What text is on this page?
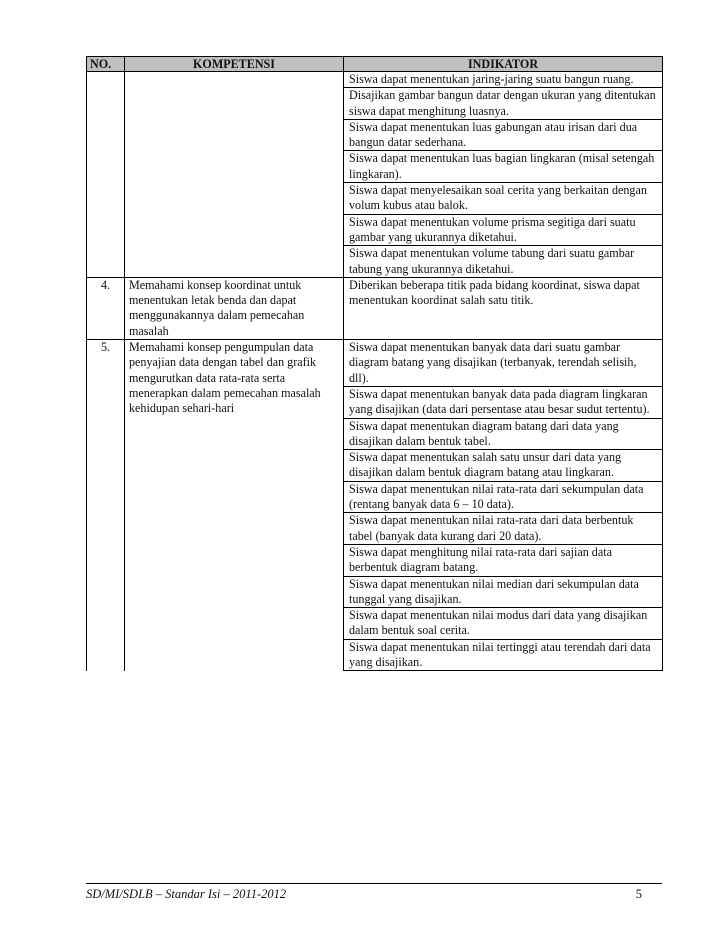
NO.	KOMPETENSI	INDIKATOR
		Siswa dapat menentukan jaring-jaring suatu bangun ruang.
		Disajikan gambar bangun datar dengan ukuran yang ditentukan siswa dapat menghitung luasnya.
		Siswa dapat menentukan luas gabungan atau irisan dari dua bangun datar sederhana.
		Siswa dapat menentukan luas bagian lingkaran (misal setengah lingkaran).
		Siswa dapat menyelesaikan soal cerita yang berkaitan dengan volum kubus atau balok.
		Siswa dapat menentukan volume prisma segitiga dari suatu gambar yang ukurannya diketahui.
		Siswa dapat menentukan volume tabung dari suatu gambar tabung yang ukurannya diketahui.
4.	Memahami konsep koordinat untuk menentukan letak benda dan dapat menggunakannya dalam pemecahan masalah	Diberikan beberapa titik pada bidang koordinat, siswa dapat menentukan koordinat salah satu titik.
5.	Memahami konsep pengumpulan data penyajian data dengan tabel dan grafik mengurutkan data rata-rata serta menerapkan dalam pemecahan masalah kehidupan sehari-hari	Siswa dapat menentukan banyak data dari suatu gambar diagram batang yang disajikan (terbanyak, terendah selisih, dll).
		Siswa dapat menentukan banyak data pada diagram lingkaran yang disajikan (data dari persentase atau besar sudut tertentu).
		Siswa dapat menentukan diagram batang dari data yang disajikan dalam bentuk tabel.
		Siswa dapat menentukan salah satu unsur dari data yang disajikan dalam bentuk diagram batang atau lingkaran.
		Siswa dapat menentukan nilai rata-rata dari sekumpulan data (rentang banyak data 6 – 10 data).
		Siswa dapat menentukan nilai rata-rata dari data berbentuk tabel (banyak data kurang dari 20 data).
		Siswa dapat menghitung nilai rata-rata dari sajian data berbentuk diagram batang.
		Siswa dapat menentukan nilai median dari sekumpulan data tunggal yang disajikan.
		Siswa dapat menentukan nilai modus dari data yang disajikan dalam bentuk soal cerita.
		Siswa dapat menentukan nilai tertinggi atau terendah dari data yang disajikan.
SD/MI/SDLB – Standar Isi – 2011-2012	5
